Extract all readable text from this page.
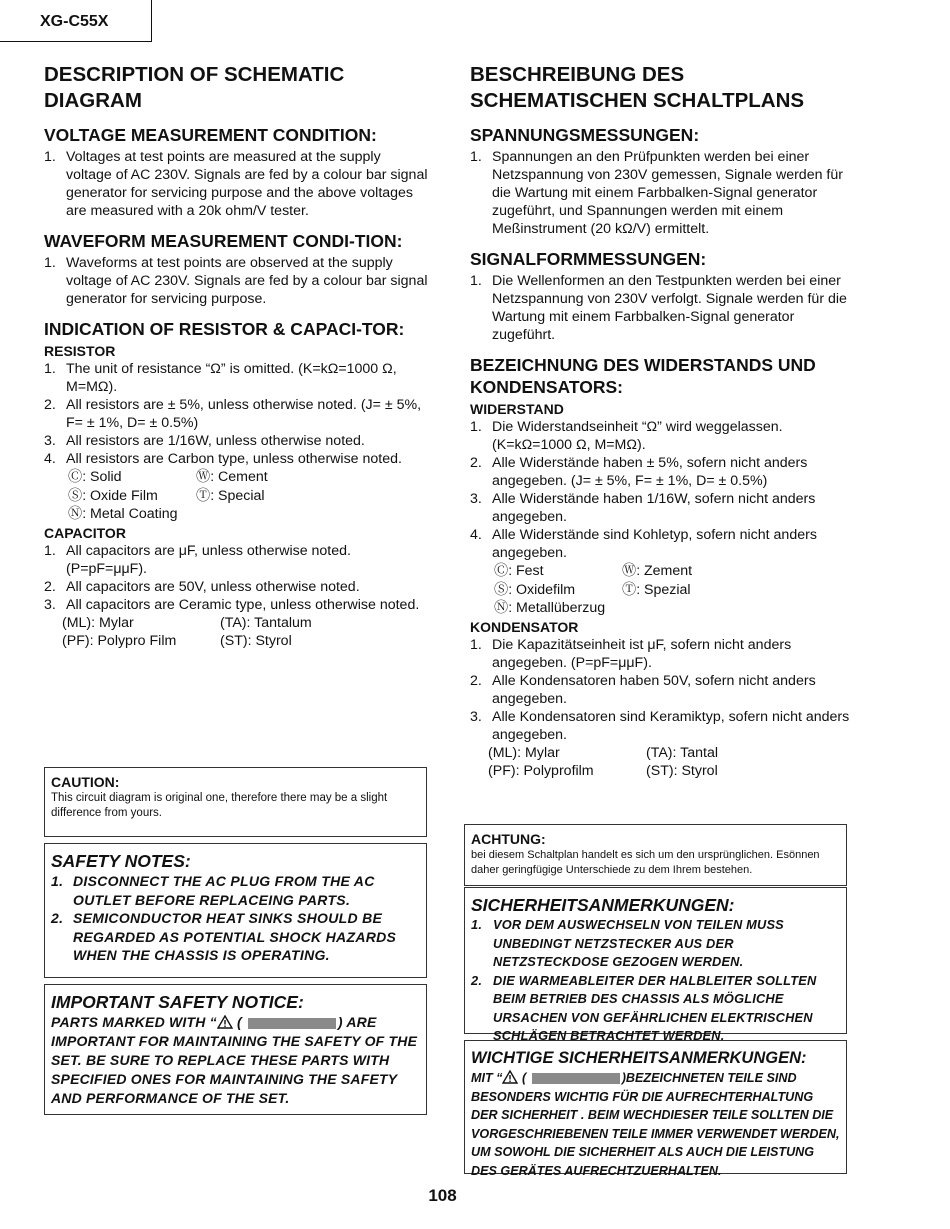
XG-C55X
DESCRIPTION OF SCHEMATIC DIAGRAM
VOLTAGE MEASUREMENT CONDITION:
1. Voltages at test points are measured at the supply voltage of AC 230V. Signals are fed by a colour bar signal generator for servicing purpose and the above voltages are measured with a 20k ohm/V tester.
WAVEFORM MEASUREMENT CONDI-TION:
1. Waveforms at test points are observed at the supply voltage of AC 230V. Signals are fed by a colour bar signal generator for servicing purpose.
INDICATION OF RESISTOR & CAPACI-TOR:
RESISTOR
1. The unit of resistance “Ω” is omitted. (K=kΩ=1000 Ω, M=MΩ).
2. All resistors are ± 5%, unless otherwise noted. (J= ± 5%, F= ± 1%, D= ± 0.5%)
3. All resistors are 1/16W, unless otherwise noted.
4. All resistors are Carbon type, unless otherwise noted.
Ⓒ: Solid	Ⓦ: Cement
Ⓢ: Oxide Film	Ⓣ: Special
Ⓝ: Metal Coating
CAPACITOR
1. All capacitors are μF, unless otherwise noted. (P=pF=μμF).
2. All capacitors are 50V, unless otherwise noted.
3. All capacitors are Ceramic type, unless otherwise noted.
(ML): Mylar	(TA): Tantalum
(PF): Polypro Film	(ST): Styrol
CAUTION:
This circuit diagram is original one, therefore there may be a slight difference from yours.
SAFETY NOTES:
1. DISCONNECT THE AC PLUG FROM THE AC OUTLET BEFORE REPLACEING PARTS.
2. SEMICONDUCTOR HEAT SINKS SHOULD BE REGARDED AS POTENTIAL SHOCK HAZARDS WHEN THE CHASSIS IS OPERATING.
IMPORTANT SAFETY NOTICE:
PARTS MARKED WITH “ (	) ARE IMPORTANT FOR MAINTAINING THE SAFETY OF THE SET. BE SURE TO REPLACE THESE PARTS WITH SPECIFIED ONES FOR MAINTAINING THE SAFETY AND PERFORMANCE OF THE SET.
BESCHREIBUNG DES SCHEMATISCHEN SCHALTPLANS
SPANNUNGSMESSUNGEN:
1. Spannungen an den Prüfpunkten werden bei einer Netzspannung von 230V gemessen, Signale werden für die Wartung mit einem Farbbalken-Signal generator zugeführt, und Spannungen werden mit einem Meßinstrument (20 kΩ/V) ermittelt.
SIGNALFORMMESSUNGEN:
1. Die Wellenformen an den Testpunkten werden bei einer Netzspannung von 230V verfolgt. Signale werden für die Wartung mit einem Farbbalken-Signal generator zugeführt.
BEZEICHNUNG DES WIDERSTANDS UND KONDENSATORS:
WIDERSTAND
1. Die Widerstandseinheit “Ω” wird weggelassen. (K=kΩ=1000 Ω, M=MΩ).
2. Alle Widerstände haben ± 5%, sofern nicht anders angegeben. (J= ± 5%, F= ± 1%, D= ± 0.5%)
3. Alle Widerstände haben 1/16W, sofern nicht anders angegeben.
4. Alle Widerstände sind Kohletyp, sofern nicht anders angegeben.
Ⓒ: Fest	Ⓦ: Zement
Ⓢ: Oxidefilm	Ⓣ: Spezial
Ⓝ: Metallüberzug
KONDENSATOR
1. Die Kapazitätseinheit ist μF, sofern nicht anders angegeben. (P=pF=μμF).
2. Alle Kondensatoren haben 50V, sofern nicht anders angegeben.
3. Alle Kondensatoren sind Keramiktyp, sofern nicht anders angegeben.
(ML): Mylar	(TA): Tantal
(PF): Polyprofilm	(ST): Styrol
ACHTUNG:
bei diesem Schaltplan handelt es sich um den ursprünglichen. Esönnen daher geringfügige Unterschiede zu dem Ihrem bestehen.
SICHERHEITSANMERKUNGEN:
1. VOR DEM AUSWECHSELN VON TEILEN MUSS UNBEDINGT NETZSTECKER AUS DER NETZSTECKDOSE GEZOGEN WERDEN.
2. DIE WARMEABLEITER DER HALBLEITER SOLLTEN BEIM BETRIEB DES CHASSIS ALS MÖGLICHE URSACHEN VON GEFÄHRLICHEN ELEKTRISCHEN SCHLÄGEN BETRACHTET WERDEN.
WICHTIGE SICHERHEITSANMERKUNGEN:
MIT “ (	)BEZEICHNETEN TEILE SIND BESONDERS WICHTIG FÜR DIE AUFRECHTERHALTUNG DER SICHERHEIT . BEIM WECHDIESER TEILE SOLLTEN DIE VORGESCHRIEBENEN TEILE IMMER VERWENDET WERDEN, UM SOWOHL DIE SICHERHEIT ALS AUCH DIE LEISTUNG DES GERÄTES AUFRECHTZUERHALTEN.
108
